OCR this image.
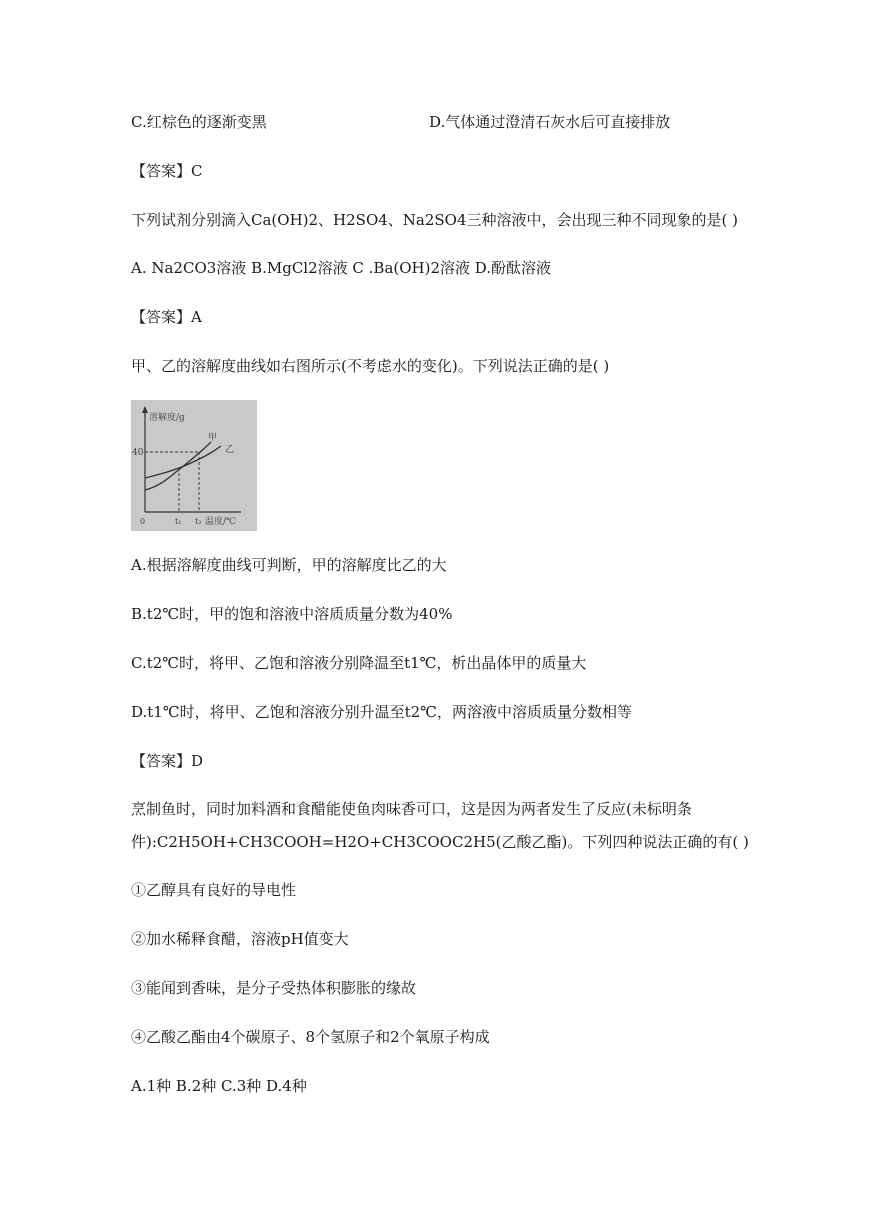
C.红棕色的逐渐变黑	D.气体通过澄清石灰水后可直接排放
【答案】C
下列试剂分别滴入Ca(OH)2、H2SO4、Na2SO4三种溶液中，会出现三种不同现象的是( )
A. Na2CO3溶液 B.MgCl2溶液 C .Ba(OH)2溶液 D.酚酞溶液
【答案】A
甲、乙的溶解度曲线如右图所示(不考虑水的变化)。下列说法正确的是( )
溶解度/g
温度/℃
40
0	t₁ t₂
甲
乙
A.根据溶解度曲线可判断，甲的溶解度比乙的大
B.t2℃时，甲的饱和溶液中溶质质量分数为40%
C.t2℃时，将甲、乙饱和溶液分别降温至t1℃，析出晶体甲的质量大
D.t1℃时，将甲、乙饱和溶液分别升温至t2℃，两溶液中溶质质量分数相等
【答案】D
烹制鱼时，同时加料酒和食醋能使鱼肉味香可口，这是因为两者发生了反应(未标明条
件):C2H5OH+CH3COOH=H2O+CH3COOC2H5(乙酸乙酯)。下列四种说法正确的有( )
①乙醇具有良好的导电性
②加水稀释食醋，溶液pH值变大
③能闻到香味，是分子受热体积膨胀的缘故
④乙酸乙酯由4个碳原子、8个氢原子和2个氧原子构成
A.1种 B.2种 C.3种 D.4种
